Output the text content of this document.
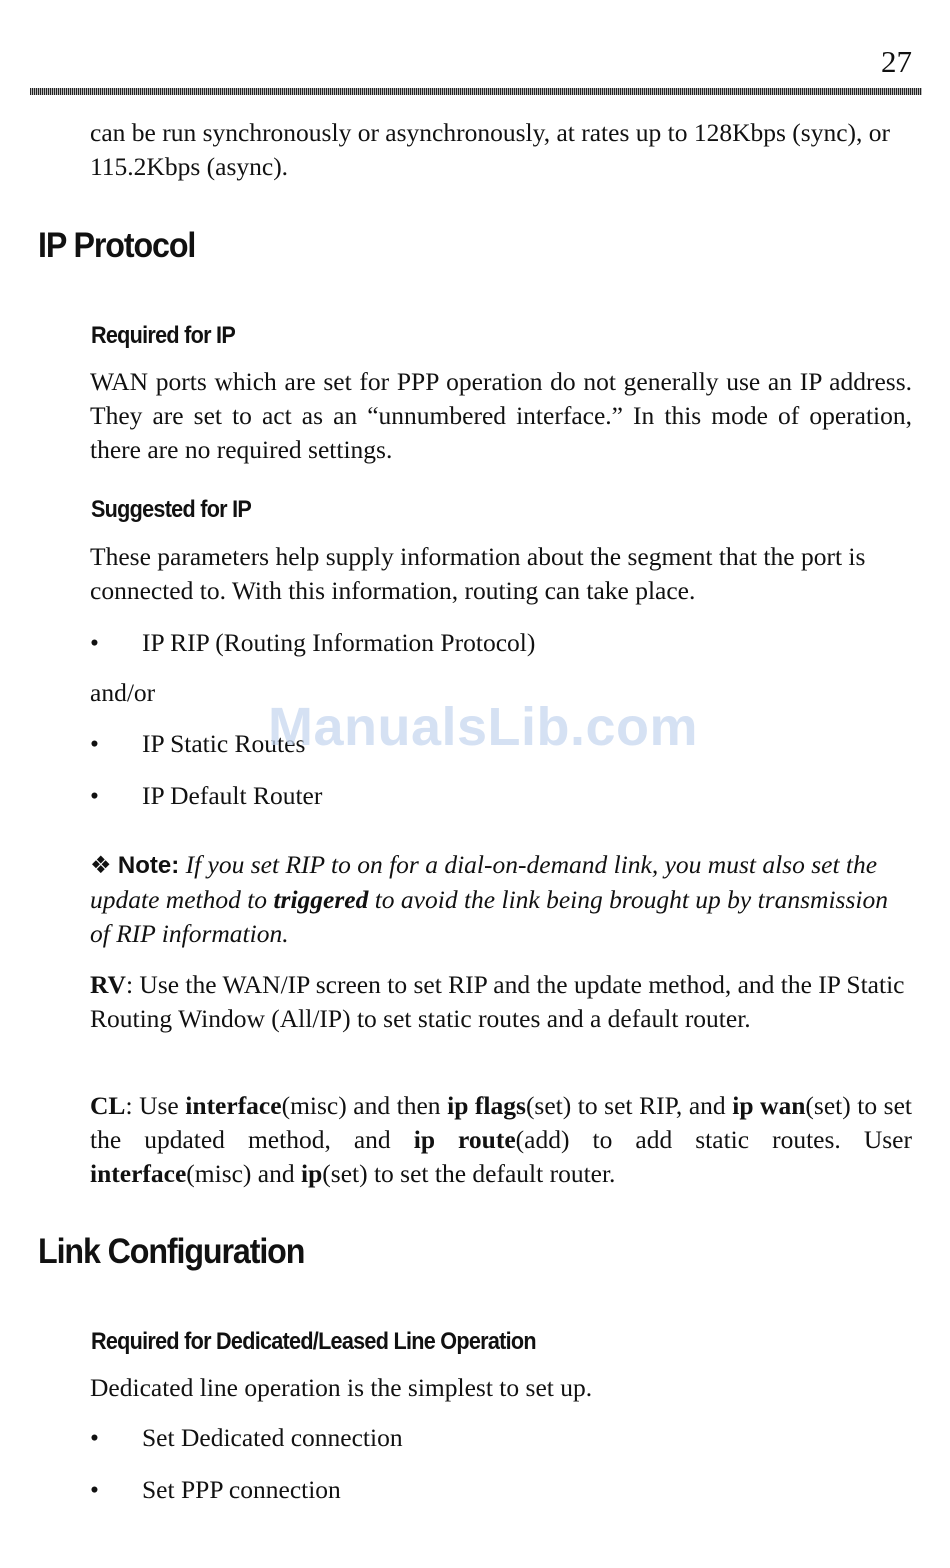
27

can be run synchronously or asynchronously, at rates up to 128Kbps (sync), or 115.2Kbps (async).

IP Protocol
Required for IP

WAN ports which are set for PPP operation do not generally use an IP address. They are set to act as an “unnumbered interface.” In this mode of operation, there are no required settings.

Suggested for IP

These parameters help supply information about the segment that the port is connected to. With this information, routing can take place.

• IP RIP (Routing Information Protocol)
and/or
• IP Static Routes
• IP Default Router

❖ Note: If you set RIP to on for a dial-on-demand link, you must also set the update method to triggered to avoid the link being brought up by transmission of RIP information.

RV: Use the WAN/IP screen to set RIP and the update method, and the IP Static Routing Window (All/IP) to set static routes and a default router.

CL: Use interface(misc) and then ip flags(set) to set RIP, and ip wan(set) to set the updated method, and ip route(add) to add static routes. User interface(misc) and ip(set) to set the default router.

Link Configuration
Required for Dedicated/Leased Line Operation

Dedicated line operation is the simplest to set up.

• Set Dedicated connection
• Set PPP connection
ManualsLib.com
